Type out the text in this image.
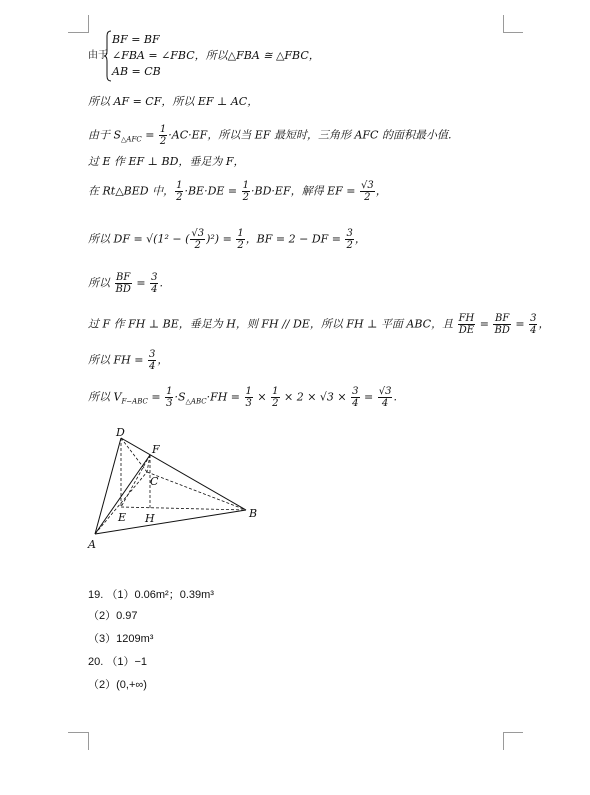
由于
BF = BF
∠FBA = ∠FBC，所以△FBA ≅ △FBC，
AB = CB
所以 AF = CF，所以 EF ⊥ AC，
由于 $S_{\triangle AFC} = \frac{1}{2} \cdot AC\cdot EF$，所以当 EF 最短时，三角形 AFC 的面积最小值.
过 E 作 EF ⊥ BD，垂足为 F，
在 Rt△BED 中， $\frac{1}{2} \cdot BE\cdot DE = \frac{1}{2} \cdot BD\cdot EF$，解得 EF = $\frac{√3}{2}$ ，
所以 DF = √(1² − ( $\frac{√3}{2} )^2) = \frac{1}{2}$ ，BF = 2 − DF = $\frac{3}{2}$ ，
所以 $\frac{BF}{BD} = \frac{3}{4}$ .
过 F 作 FH ⊥ BE，垂足为 H，则 FH // DE，所以 FH ⊥ 平面 ABC，且 $\frac{FH}{DE} = \frac{BF}{BD} = \frac{3}{4}$ ，
所以 FH = $\frac{3}{4}$ ，
所以 $V_{F-ABC} = \frac{1}{3} \cdot S_{\triangle ABC}\cdot FH = \frac{1}{3} \times \frac{1}{2} \times 2 \times √3 \times \frac{3}{4} = \frac{√3}{4}$ .
D
F
C
E H	B
A
19. （1）0.06m²；0.39m³
（2）0.97
（3）1209m³
20. （1）−1
（2）(0,+∞)
